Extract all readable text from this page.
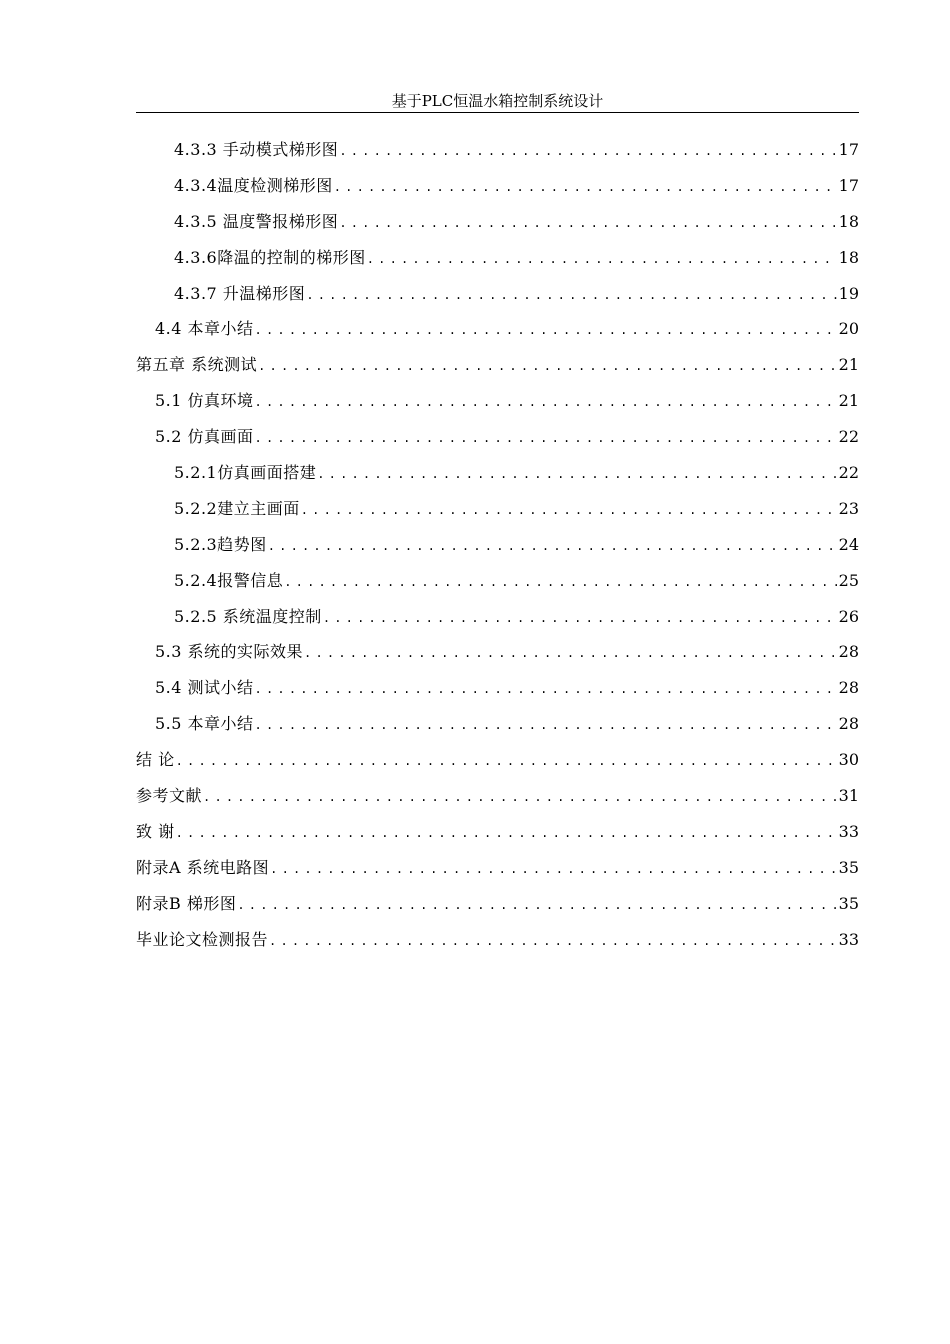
基于PLC恒温水箱控制系统设计
4.3.3 手动模式梯形图 .....	17
4.3.4温度检测梯形图 .....	17
4.3.5 温度警报梯形图 .....	18
4.3.6降温的控制的梯形图 .....	18
4.3.7 升温梯形图 .....	19
4.4 本章小结 .....	20
第五章 系统测试 .....	21
5.1 仿真环境 .....	21
5.2 仿真画面 .....	22
5.2.1仿真画面搭建 .....	22
5.2.2建立主画面 .....	23
5.2.3趋势图 .....	24
5.2.4报警信息 .....	25
5.2.5 系统温度控制 .....	26
5.3 系统的实际效果 .....	28
5.4 测试小结 .....	28
5.5 本章小结 .....	28
结 论 .....	30
参考文献 .....	31
致 谢 .....	33
附录A 系统电路图 .....	35
附录B 梯形图 .....	35
毕业论文检测报告 .....	33
